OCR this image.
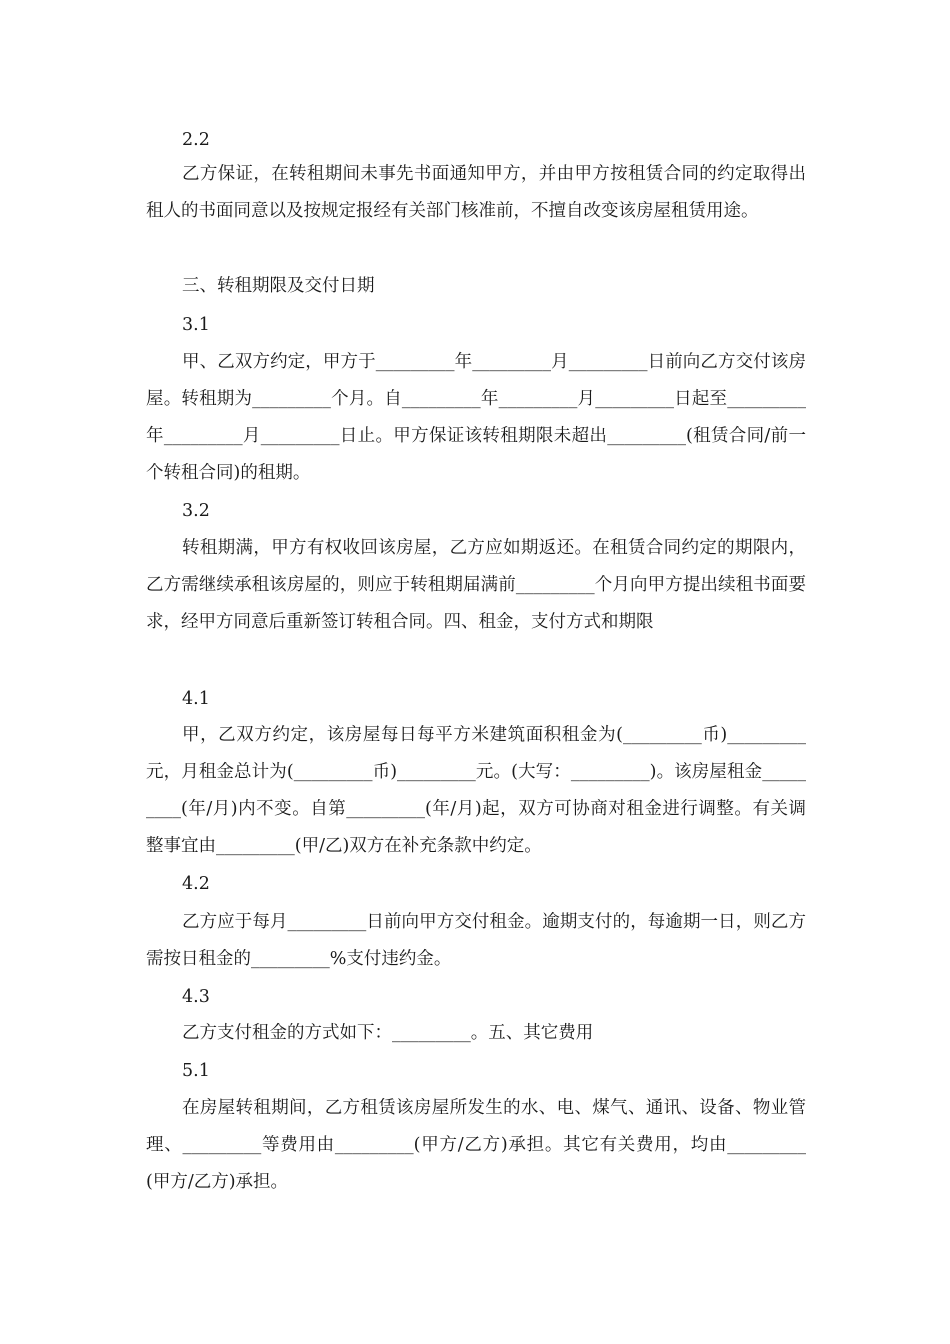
2.2

乙方保证，在转租期间未事先书面通知甲方，并由甲方按租赁合同的约定取得出租人的书面同意以及按规定报经有关部门核准前，不擅自改变该房屋租赁用途。

三、转租期限及交付日期

3.1

甲、乙双方约定，甲方于_________年_________月_________日前向乙方交付该房屋。转租期为_________个月。自_________年_________月_________日起至_________年_________月_________日止。甲方保证该转租期限未超出_________(租赁合同/前一个转租合同)的租期。

3.2

转租期满，甲方有权收回该房屋，乙方应如期返还。在租赁合同约定的期限内，乙方需继续承租该房屋的，则应于转租期届满前_________个月向甲方提出续租书面要求，经甲方同意后重新签订转租合同。四、租金，支付方式和期限

4.1

甲，乙双方约定，该房屋每日每平方米建筑面积租金为(_________币)_________元，月租金总计为(_________币)_________元。(大写：_________)。该房屋租金_________(年/月)内不变。自第_________(年/月)起，双方可协商对租金进行调整。有关调整事宜由_________(甲/乙)双方在补充条款中约定。

4.2

乙方应于每月_________日前向甲方交付租金。逾期支付的，每逾期一日，则乙方需按日租金的_________%支付违约金。

4.3

乙方支付租金的方式如下：_________。五、其它费用

5.1

在房屋转租期间，乙方租赁该房屋所发生的水、电、煤气、通讯、设备、物业管理、_________等费用由_________(甲方/乙方)承担。其它有关费用，均由_________(甲方/乙方)承担。
